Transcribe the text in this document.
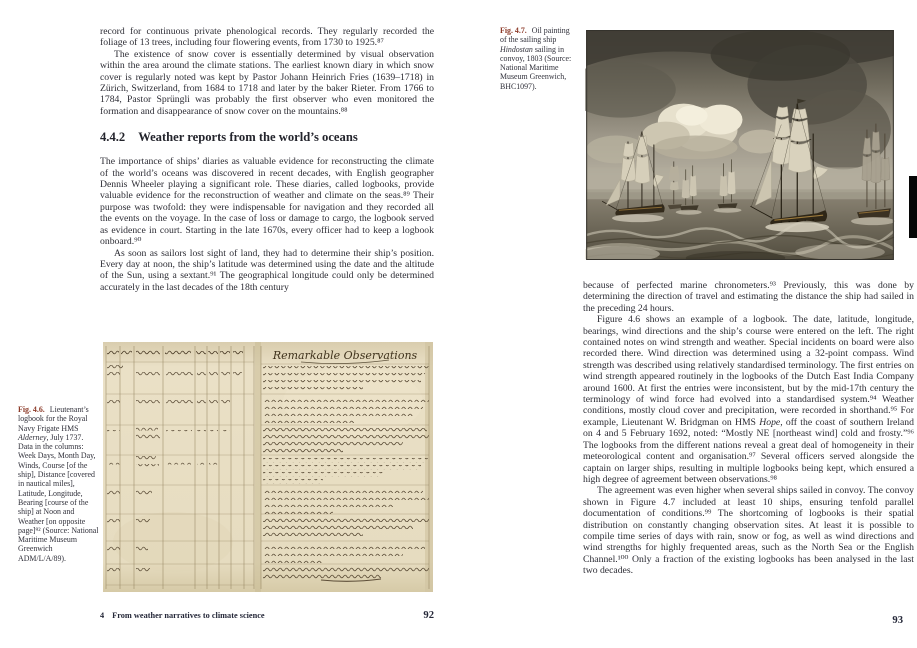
record for continuous private phenological records. They regularly recorded the foliage of 13 trees, including four flowering events, from 1730 to 1925.⁸⁷

The existence of snow cover is essentially determined by visual observation within the area around the climate stations. The earliest known diary in which snow cover is regularly noted was kept by Pastor Johann Heinrich Fries (1639–1718) in Zürich, Switzerland, from 1684 to 1718 and later by the baker Rieter. From 1766 to 1784, Pastor Sprüngli was probably the first observer who even monitored the formation and disappearance of snow cover on the mountains.⁸⁸

4.4.2 Weather reports from the world’s oceans

The importance of ships’ diaries as valuable evidence for reconstructing the climate of the world’s oceans was discovered in recent decades, with English geographer Dennis Wheeler playing a significant role. These diaries, called logbooks, provide valuable evidence for the reconstruction of weather and climate on the seas.⁸⁹ Their purpose was twofold: they were indispensable for navigation and they recorded all the events on the voyage. In the case of loss or damage to cargo, the logbook served as evidence in court. Starting in the late 1670s, every officer had to keep a logbook onboard.⁹⁰

As soon as sailors lost sight of land, they had to determine their ship’s position. Every day at noon, the ship’s latitude was determined using the date and the altitude of the Sun, using a sextant.⁹¹ The geographical longitude could only be determined accurately in the last decades of the 18th century

Fig. 4.6. Lieutenant’s logbook for the Royal Navy Frigate HMS Alderney, July 1737.

Data in the columns: Week Days, Month Day, Winds, Course [of the ship], Distance [covered in nautical miles], Latitude, Longitude, Bearing [course of the ship] at Noon and Weather [on opposite page]⁹² (Source: National Maritime Museum Greenwich ADM/L/A/89).

Remarkable Observations
4 From weather narratives to climate science	92

Fig. 4.7. Oil painting of the sailing ship Hindostan sailing in convoy, 1803 (Source: National Maritime Museum Greenwich, BHC1097).

because of perfected marine chronometers.⁹³ Previously, this was done by determining the direction of travel and estimating the distance the ship had sailed in the preceding 24 hours.

Figure 4.6 shows an example of a logbook. The date, latitude, longitude, bearings, wind directions and the ship’s course were entered on the left. The right contained notes on wind strength and weather. Special incidents on board were also recorded there. Wind direction was determined using a 32-point compass. Wind strength was described using relatively standardised terminology. The first entries on wind strength appeared routinely in the logbooks of the Dutch East India Company around 1600. At first the entries were inconsistent, but by the mid-17th century the terminology of wind force had evolved into a standardised system.⁹⁴ Weather conditions, mostly cloud cover and precipitation, were recorded in shorthand.⁹⁵ For example, Lieutenant W. Bridgman on HMS Hope, off the coast of southern Ireland on 4 and 5 February 1692, noted: “Mostly NE [northeast wind] cold and frosty.”⁹⁶ The logbooks from the different nations reveal a great deal of homogeneity in their meteorological content and organisation.⁹⁷ Several officers served alongside the captain on larger ships, resulting in multiple logbooks being kept, which ensured a high degree of agreement between observations.⁹⁸

The agreement was even higher when several ships sailed in convoy. The convoy shown in Figure 4.7 included at least 10 ships, ensuring tenfold parallel documentation of conditions.⁹⁹ The shortcoming of logbooks is their spatial distribution on constantly changing observation sites. At least it is possible to compile time series of days with rain, snow or fog, as well as wind directions and wind strengths for highly frequented areas, such as the North Sea or the English Channel.¹⁰⁰ Only a fraction of the existing logbooks has been analysed in the last two decades.

93
